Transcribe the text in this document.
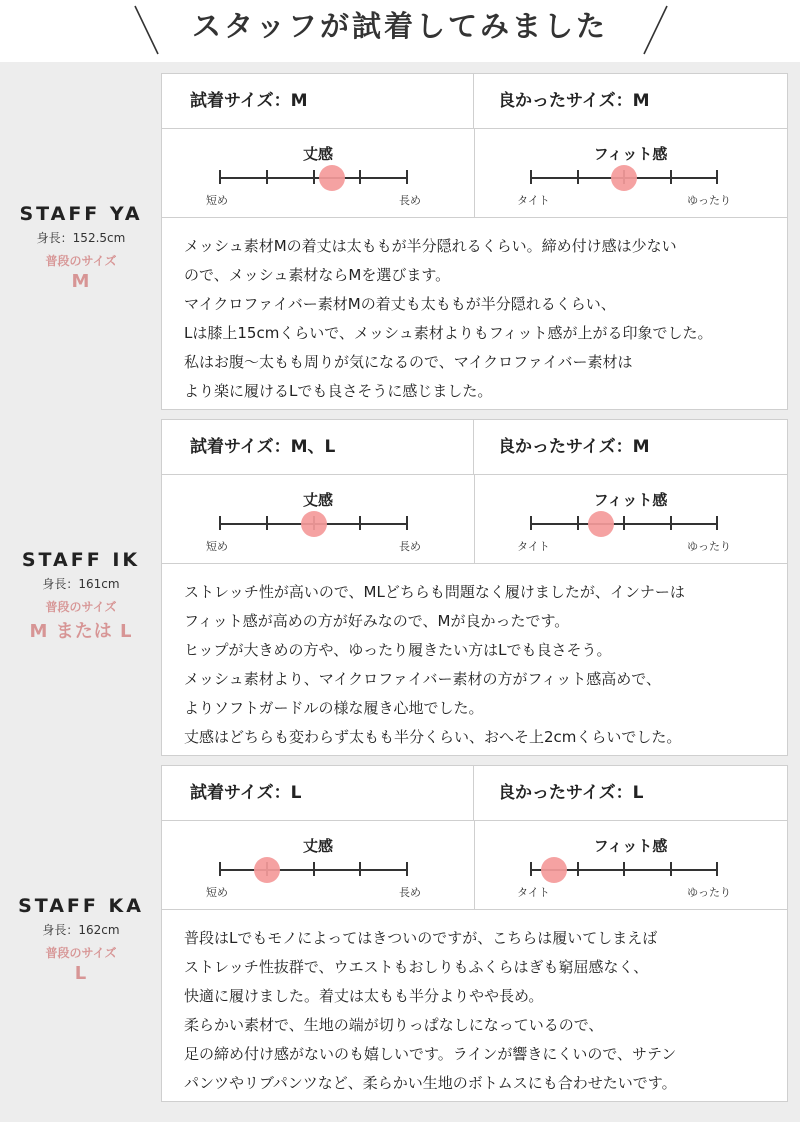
スタッフが試着してみました
STAFF YA
身長：152.5cm
普段のサイズ
M
試着サイズ：M	良かったサイズ：M
丈感
短め	長め
フィット感
タイト	ゆったり
メッシュ素材Mの着丈は太ももが半分隠れるくらい。締め付け感は少ない
ので、メッシュ素材ならMを選びます。
マイクロファイバー素材Mの着丈も太ももが半分隠れるくらい、
Lは膝上15cmくらいで、メッシュ素材よりもフィット感が上がる印象でした。
私はお腹〜太もも周りが気になるので、マイクロファイバー素材は
より楽に履けるLでも良さそうに感じました。
STAFF IK
身長：161cm
普段のサイズ
M または L
試着サイズ：M、L	良かったサイズ：M
丈感
短め	長め
フィット感
タイト	ゆったり
ストレッチ性が高いので、MLどちらも問題なく履けましたが、インナーは
フィット感が高めの方が好みなので、Mが良かったです。
ヒップが大きめの方や、ゆったり履きたい方はLでも良さそう。
メッシュ素材より、マイクロファイバー素材の方がフィット感高めで、
よりソフトガードルの様な履き心地でした。
丈感はどちらも変わらず太もも半分くらい、おへそ上2cmくらいでした。
STAFF KA
身長：162cm
普段のサイズ
L
試着サイズ：L	良かったサイズ：L
丈感
短め	長め
フィット感
タイト	ゆったり
普段はLでもモノによってはきついのですが、こちらは履いてしまえば
ストレッチ性抜群で、ウエストもおしりもふくらはぎも窮屈感なく、
快適に履けました。着丈は太もも半分よりやや長め。
柔らかい素材で、生地の端が切りっぱなしになっているので、
足の締め付け感がないのも嬉しいです。ラインが響きにくいので、サテン
パンツやリブパンツなど、柔らかい生地のボトムスにも合わせたいです。
